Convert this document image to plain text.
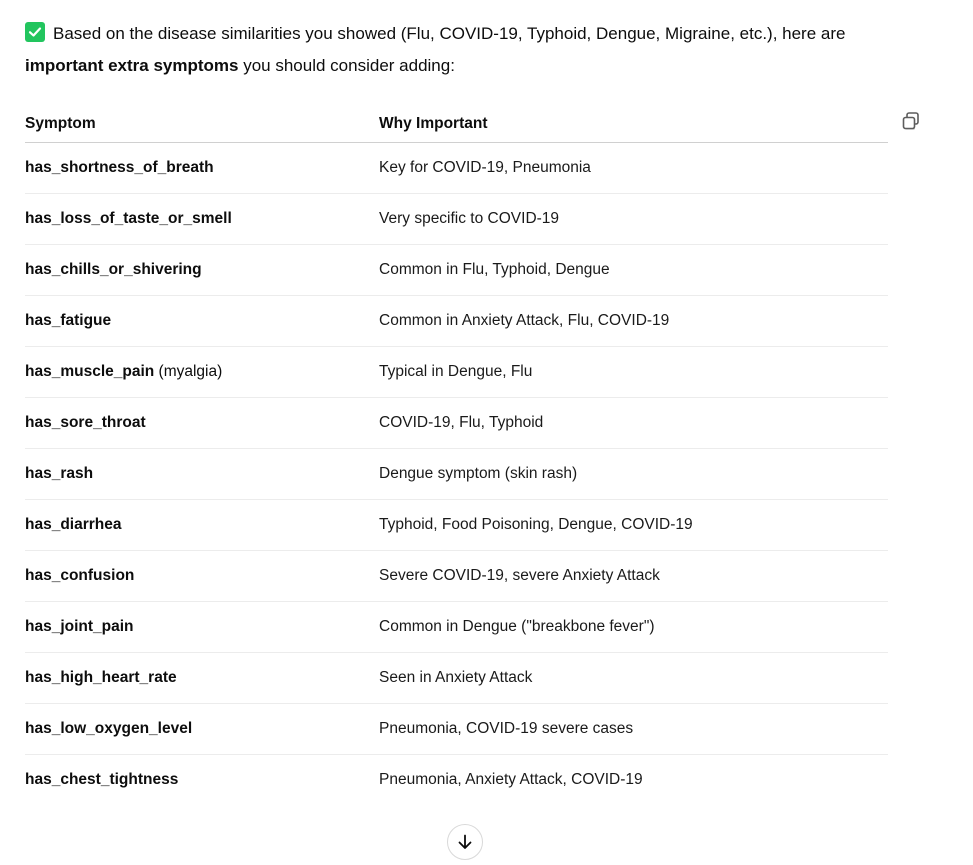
Based on the disease similarities you showed (Flu, COVID-19, Typhoid, Dengue, Migraine, etc.), here are important extra symptoms you should consider adding:

Symptom	Why Important
has_shortness_of_breath	Key for COVID-19, Pneumonia
has_loss_of_taste_or_smell	Very specific to COVID-19
has_chills_or_shivering	Common in Flu, Typhoid, Dengue
has_fatigue	Common in Anxiety Attack, Flu, COVID-19
has_muscle_pain (myalgia)	Typical in Dengue, Flu
has_sore_throat	COVID-19, Flu, Typhoid
has_rash	Dengue symptom (skin rash)
has_diarrhea	Typhoid, Food Poisoning, Dengue, COVID-19
has_confusion	Severe COVID-19, severe Anxiety Attack
has_joint_pain	Common in Dengue ("breakbone fever")
has_high_heart_rate	Seen in Anxiety Attack
has_low_oxygen_level	Pneumonia, COVID-19 severe cases
has_chest_tightness	Pneumonia, Anxiety Attack, COVID-19
